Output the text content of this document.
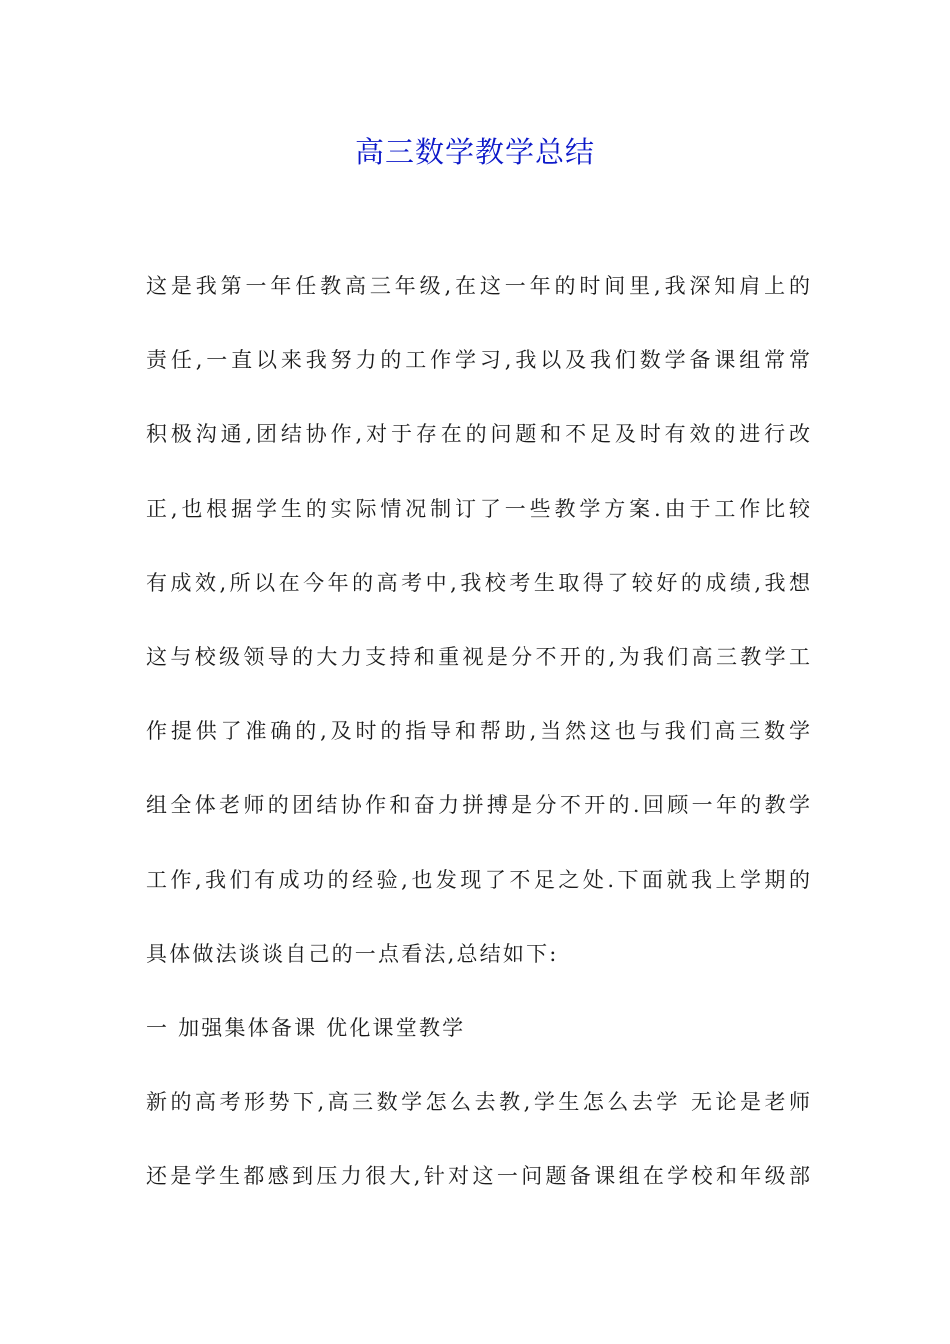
高三数学教学总结
这是我第一年任教高三年级,在这一年的时间里,我深知肩上的
责任,一直以来我努力的工作学习,我以及我们数学备课组常常
积极沟通,团结协作,对于存在的问题和不足及时有效的进行改
正,也根据学生的实际情况制订了一些教学方案.由于工作比较
有成效,所以在今年的高考中,我校考生取得了较好的成绩,我想
这与校级领导的大力支持和重视是分不开的,为我们高三教学工
作提供了准确的,及时的指导和帮助,当然这也与我们高三数学
组全体老师的团结协作和奋力拼搏是分不开的.回顾一年的教学
工作,我们有成功的经验,也发现了不足之处.下面就我上学期的
具体做法谈谈自己的一点看法,总结如下:
一 加强集体备课 优化课堂教学
新的高考形势下,高三数学怎么去教,学生怎么去学 无论是老师
还是学生都感到压力很大,针对这一问题备课组在学校和年级部
